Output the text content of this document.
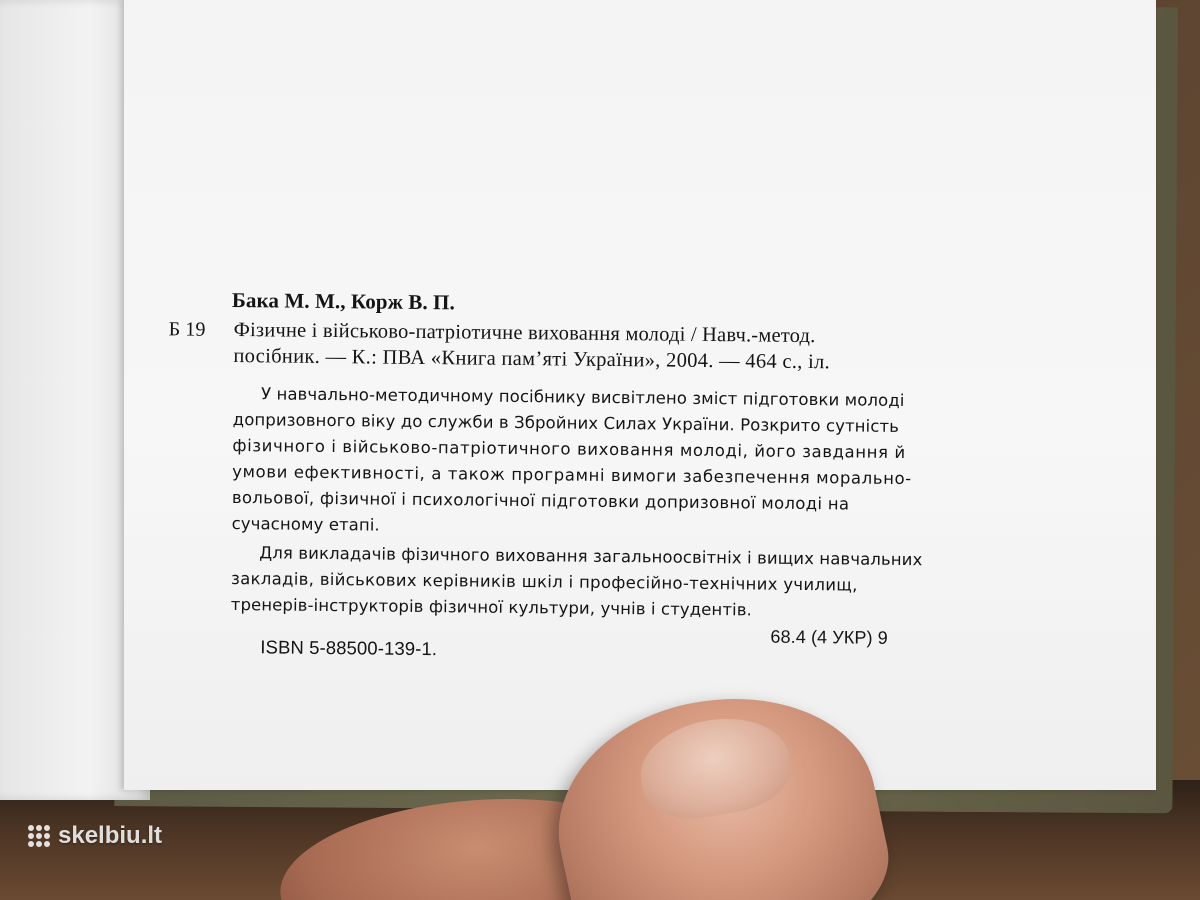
Бака М. М., Корж В. П.
Б 19 Фізичне і військово-патріотичне виховання молоді / Навч.-метод.
посібник. — К.: ПВА «Книга пам’яті України», 2004. — 464 с., іл.
У навчально-методичному посібнику висвітлено зміст підготовки молоді
допризовного віку до служби в Збройних Силах України. Розкрито сутність
фізичного і військово-патріотичного виховання молоді, його завдання й
умови ефективності, а також програмні вимоги забезпечення морально-
вольової, фізичної і психологічної підготовки допризовної молоді на
сучасному етапі.
Для викладачів фізичного виховання загальноосвітніх і вищих навчальних
закладів, військових керівників шкіл і професійно-технічних училищ,
тренерів-інструкторів фізичної культури, учнів і студентів.
68.4 (4 УКР) 9
ISBN 5-88500-139-1.
skelbiu.lt
